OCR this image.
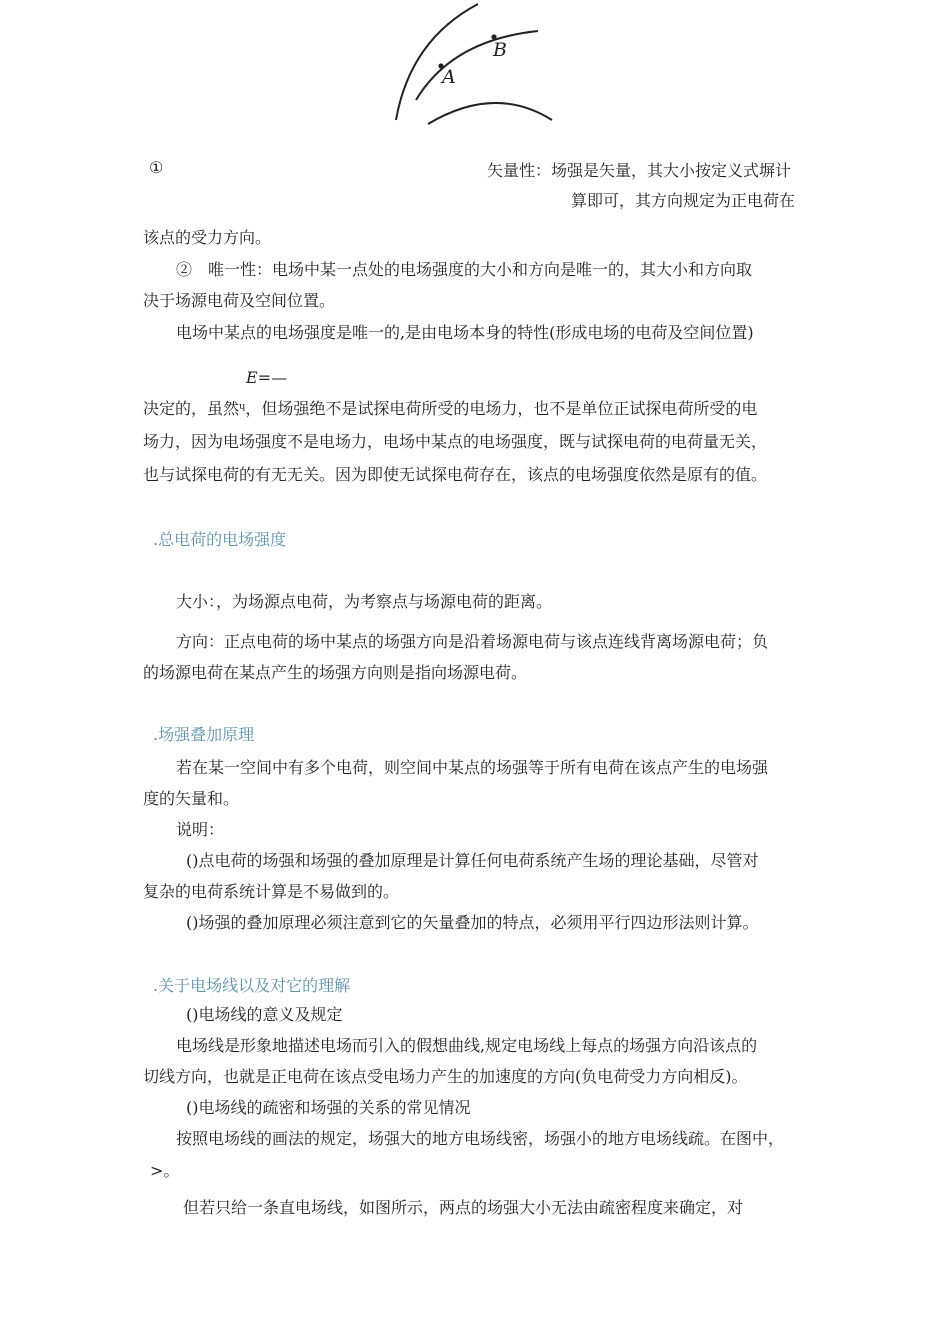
A
B
①	矢量性：场强是矢量，其大小按定义式塀计
算即可，其方向规定为正电荷在
该点的受力方向。
②　唯一性：电场中某一点处的电场强度的大小和方向是唯一的，其大小和方向取
决于场源电荷及空间位置。
电场中某点的电场强度是唯一的,是由电场本身的特性(形成电场的电荷及空间位置)
E=—
决定的，虽然ᶣ，但场强绝不是试探电荷所受的电场力，也不是单位正试探电荷所受的电
场力，因为电场强度不是电场力，电场中某点的电场强度，既与试探电荷的电荷量无关，
也与试探电荷的有无无关。因为即使无试探电荷存在，该点的电场强度依然是原有的值。
.总电荷的电场强度
大小：，为场源点电荷，为考察点与场源电荷的距离。
方向：正点电荷的场中某点的场强方向是沿着场源电荷与该点连线背离场源电荷；负
的场源电荷在某点产生的场强方向则是指向场源电荷。
.场强叠加原理
若在某一空间中有多个电荷，则空间中某点的场强等于所有电荷在该点产生的电场强
度的矢量和。
说明：
()点电荷的场强和场强的叠加原理是计算任何电荷系统产生场的理论基础，尽管对
复杂的电荷系统计算是不易做到的。
()场强的叠加原理必须注意到它的矢量叠加的特点，必须用平行四边形法则计算。
.关于电场线以及对它的理解
()电场线的意义及规定
电场线是形象地描述电场而引入的假想曲线,规定电场线上每点的场强方向沿该点的
切线方向，也就是正电荷在该点受电场力产生的加速度的方向(负电荷受力方向相反)。
()电场线的疏密和场强的关系的常见情况
按照电场线的画法的规定，场强大的地方电场线密，场强小的地方电场线疏。在图中，
>。
但若只给一条直电场线，如图所示，两点的场强大小无法由疏密程度来确定，对
